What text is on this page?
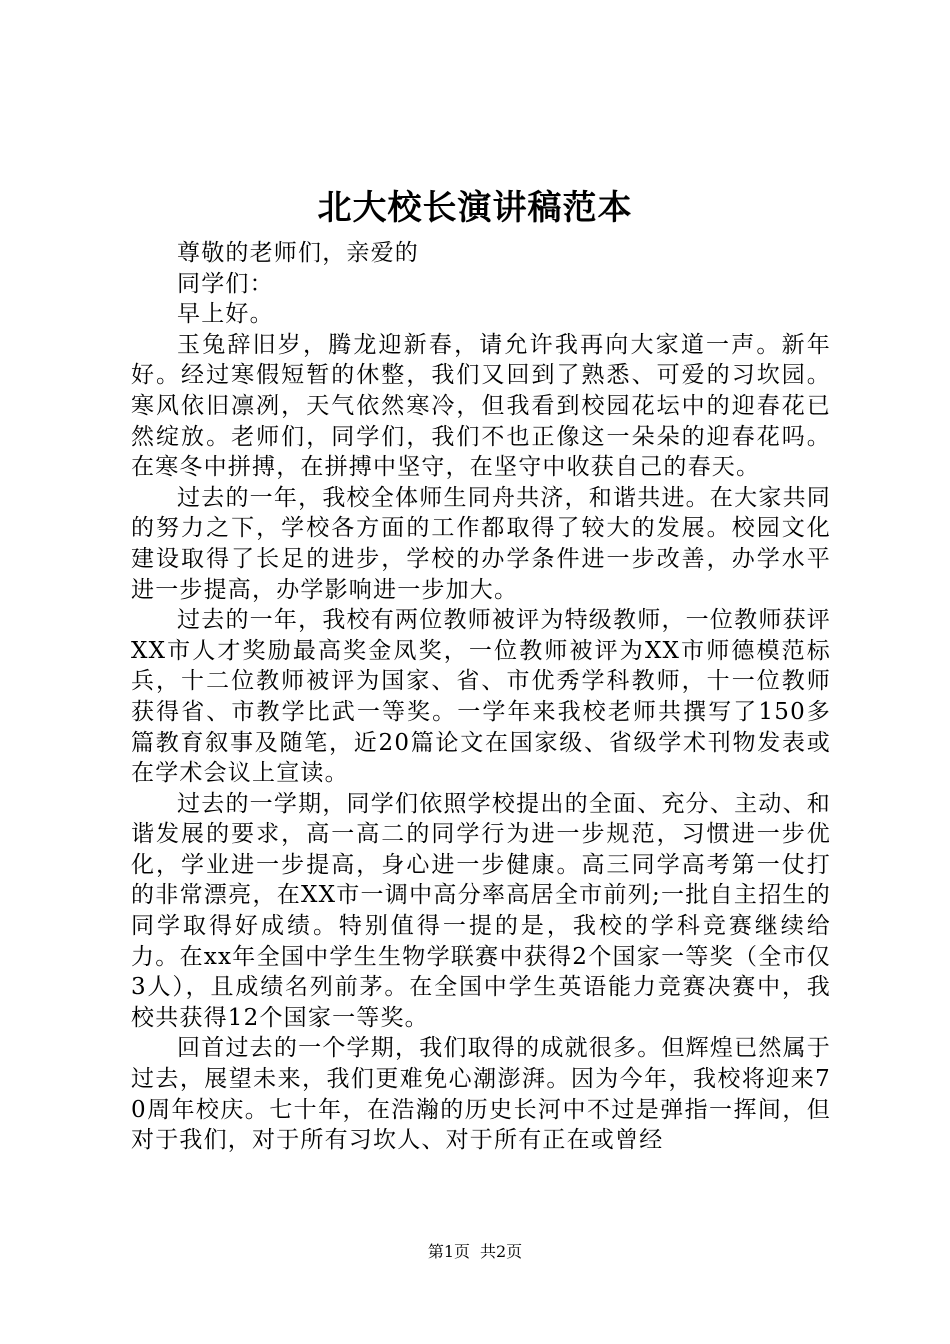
北大校长演讲稿范本

尊敬的老师们，亲爱的

同学们：

早上好。

玉兔辞旧岁，腾龙迎新春，请允许我再向大家道一声。新年好。经过寒假短暂的休整，我们又回到了熟悉、可爱的习坎园。寒风依旧凛冽，天气依然寒冷，但我看到校园花坛中的迎春花已然绽放。老师们，同学们，我们不也正像这一朵朵的迎春花吗。在寒冬中拼搏，在拼搏中坚守，在坚守中收获自己的春天。

过去的一年，我校全体师生同舟共济，和谐共进。在大家共同的努力之下，学校各方面的工作都取得了较大的发展。校园文化建设取得了长足的进步，学校的办学条件进一步改善，办学水平进一步提高，办学影响进一步加大。

过去的一年，我校有两位教师被评为特级教师，一位教师获评XX市人才奖励最高奖金凤奖，一位教师被评为XX市师德模范标兵，十二位教师被评为国家、省、市优秀学科教师，十一位教师获得省、市教学比武一等奖。一学年来我校老师共撰写了150多篇教育叙事及随笔，近20篇论文在国家级、省级学术刊物发表或在学术会议上宣读。

过去的一学期，同学们依照学校提出的全面、充分、主动、和谐发展的要求，高一高二的同学行为进一步规范，习惯进一步优化，学业进一步提高，身心进一步健康。高三同学高考第一仗打的非常漂亮，在XX市一调中高分率高居全市前列;一批自主招生的同学取得好成绩。特别值得一提的是，我校的学科竞赛继续给力。在xx年全国中学生生物学联赛中获得2个国家一等奖（全市仅3人），且成绩名列前茅。在全国中学生英语能力竞赛决赛中，我校共获得12个国家一等奖。

回首过去的一个学期，我们取得的成就很多。但辉煌已然属于过去，展望未来，我们更难免心潮澎湃。因为今年，我校将迎来70周年校庆。七十年，在浩瀚的历史长河中不过是弹指一挥间，但对于我们，对于所有习坎人、对于所有正在或曾经

第1页 共2页
